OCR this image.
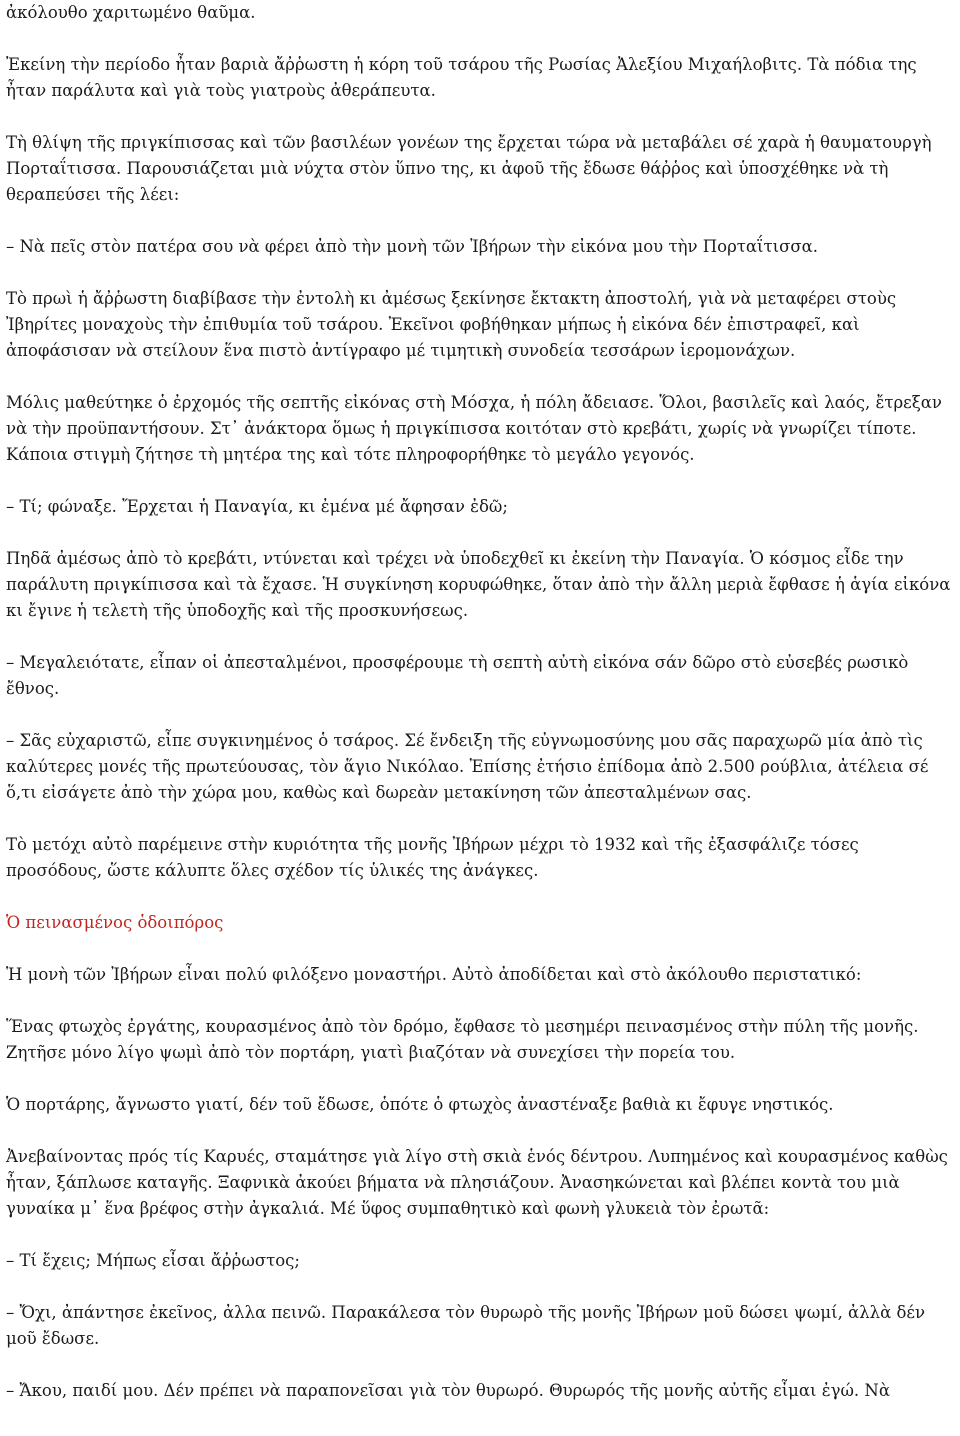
ἀκόλουθο χαριτωμένο θαῦμα.

Ἐκείνη τὴν περίοδο ἦταν βαριὰ ἄῤῥωστη ἡ κόρη τοῦ τσάρου τῆς Ρωσίας Ἀλεξίου Μιχαήλοβιτς. Τὰ πόδια της ἦταν παράλυτα καὶ γιὰ τοὺς γιατροὺς ἀθεράπευτα.

Τὴ θλίψη τῆς πριγκίπισσας καὶ τῶν βασιλέων γονέων της ἔρχεται τώρα νὰ μεταβάλει σέ χαρὰ ἡ θαυματουργὴ Πορταΐτισσα. Παρουσιάζεται μιὰ νύχτα στὸν ὕπνο της, κι ἀφοῦ τῆς ἔδωσε θάῤῥος καὶ ὑποσχέθηκε νὰ τὴ θεραπεύσει τῆς λέει:

– Νὰ πεῖς στὸν πατέρα σου νὰ φέρει ἀπὸ τὴν μονὴ τῶν Ἰβήρων τὴν εἰκόνα μου τὴν Πορταΐτισσα.

Τὸ πρωὶ ἡ ἄῤῥωστη διαβίβασε τὴν ἐντολὴ κι ἀμέσως ξεκίνησε ἔκτακτη ἀποστολή, γιὰ νὰ μεταφέρει στοὺς Ἰβηρίτες μοναχοὺς τὴν ἐπιθυμία τοῦ τσάρου. Ἐκεῖνοι φοβήθηκαν μήπως ἡ εἰκόνα δέν ἐπιστραφεῖ, καὶ ἀποφάσισαν νὰ στείλουν ἕνα πιστὸ ἀντίγραφο μέ τιμητικὴ συνοδεία τεσσάρων ἱερομονάχων.

Μόλις μαθεύτηκε ὁ ἐρχομός τῆς σεπτῆς εἰκόνας στὴ Μόσχα, ἡ πόλη ἄδειασε. Ὅλοι, βασιλεῖς καὶ λαός, ἔτρεξαν νὰ τὴν προϋπαντήσουν. Στ᾽ ἀνάκτορα ὅμως ἡ πριγκίπισσα κοιτόταν στὸ κρεβάτι, χωρίς νὰ γνωρίζει τίποτε. Κάποια στιγμὴ ζήτησε τὴ μητέρα της καὶ τότε πληροφορήθηκε τὸ μεγάλο γεγονός.

– Τί; φώναξε. Ἔρχεται ἡ Παναγία, κι ἐμένα μέ ἄφησαν ἐδῶ;

Πηδᾶ ἀμέσως ἀπὸ τὸ κρεβάτι, ντύνεται καὶ τρέχει νὰ ὑποδεχθεῖ κι ἐκείνη τὴν Παναγία. Ὁ κόσμος εἶδε την παράλυτη πριγκίπισσα καὶ τὰ ἔχασε. Ἡ συγκίνηση κορυφώθηκε, ὅταν ἀπὸ τὴν ἄλλη μεριὰ ἔφθασε ἡ ἁγία εἰκόνα κι ἔγινε ἡ τελετὴ τῆς ὑποδοχῆς καὶ τῆς προσκυνήσεως.

– Μεγαλειότατε, εἶπαν οἱ ἀπεσταλμένοι, προσφέρουμε τὴ σεπτὴ αὐτὴ εἰκόνα σάν δῶρο στὸ εὐσεβές ρωσικὸ ἔθνος.

– Σᾶς εὐχαριστῶ, εἶπε συγκινημένος ὁ τσάρος. Σέ ἔνδειξη τῆς εὐγνωμοσύνης μου σᾶς παραχωρῶ μία ἀπὸ τὶς καλύτερες μονές τῆς πρωτεύουσας, τὸν ἅγιο Νικόλαο. Ἐπίσης ἐτήσιο ἐπίδομα ἀπὸ 2.500 ρούβλια, ἀτέλεια σέ ὅ,τι εἰσάγετε ἀπὸ τὴν χώρα μου, καθὼς καὶ δωρεὰν μετακίνηση τῶν ἀπεσταλμένων σας.

Τὸ μετόχι αὐτὸ παρέμεινε στὴν κυριότητα τῆς μονῆς Ἰβήρων μέχρι τὸ 1932 καὶ τῆς ἐξασφάλιζε τόσες προσόδους, ὥστε κάλυπτε ὅλες σχέδον τίς ὑλικές της ἀνάγκες.

Ὁ πεινασμένος ὁδοιπόρος

Ἡ μονὴ τῶν Ἰβήρων εἶναι πολύ φιλόξενο μοναστήρι. Αὐτὸ ἀποδίδεται καὶ στὸ ἀκόλουθο περιστατικό:

Ἕνας φτωχὸς ἐργάτης, κουρασμένος ἀπὸ τὸν δρόμο, ἔφθασε τὸ μεσημέρι πεινασμένος στὴν πύλη τῆς μονῆς. Ζητῆσε μόνο λίγο ψωμὶ ἀπὸ τὸν πορτάρη, γιατὶ βιαζόταν νὰ συνεχίσει τὴν πορεία του.

Ὁ πορτάρης, ἄγνωστο γιατί, δέν τοῦ ἔδωσε, ὁπότε ὁ φτωχὸς ἀναστέναξε βαθιὰ κι ἔφυγε νηστικός.

Ἀνεβαίνοντας πρός τίς Καρυές, σταμάτησε γιὰ λίγο στὴ σκιὰ ἑνός δέντρου. Λυπημένος καὶ κουρασμένος καθὼς ἦταν, ξάπλωσε καταγῆς. Ξαφνικὰ ἀκούει βήματα νὰ πλησιάζουν. Ἀνασηκώνεται καὶ βλέπει κοντὰ του μιὰ γυναίκα μ᾽ ἕνα βρέφος στὴν ἀγκαλιά. Μέ ὕφος συμπαθητικὸ καὶ φωνὴ γλυκειὰ τὸν ἐρωτᾶ:

– Τί ἔχεις; Μήπως εἶσαι ἄῤῥωστος;

– Ὄχι, ἀπάντησε ἐκεῖνος, ἀλλα πεινῶ. Παρακάλεσα τὸν θυρωρὸ τῆς μονῆς Ἰβήρων μοῦ δώσει ψωμί, ἀλλὰ δέν μοῦ ἔδωσε.

– Ἄκου, παιδί μου. Δέν πρέπει νὰ παραπονεῖσαι γιὰ τὸν θυρωρό. Θυρωρός τῆς μονῆς αὐτῆς εἶμαι ἐγώ. Νὰ
